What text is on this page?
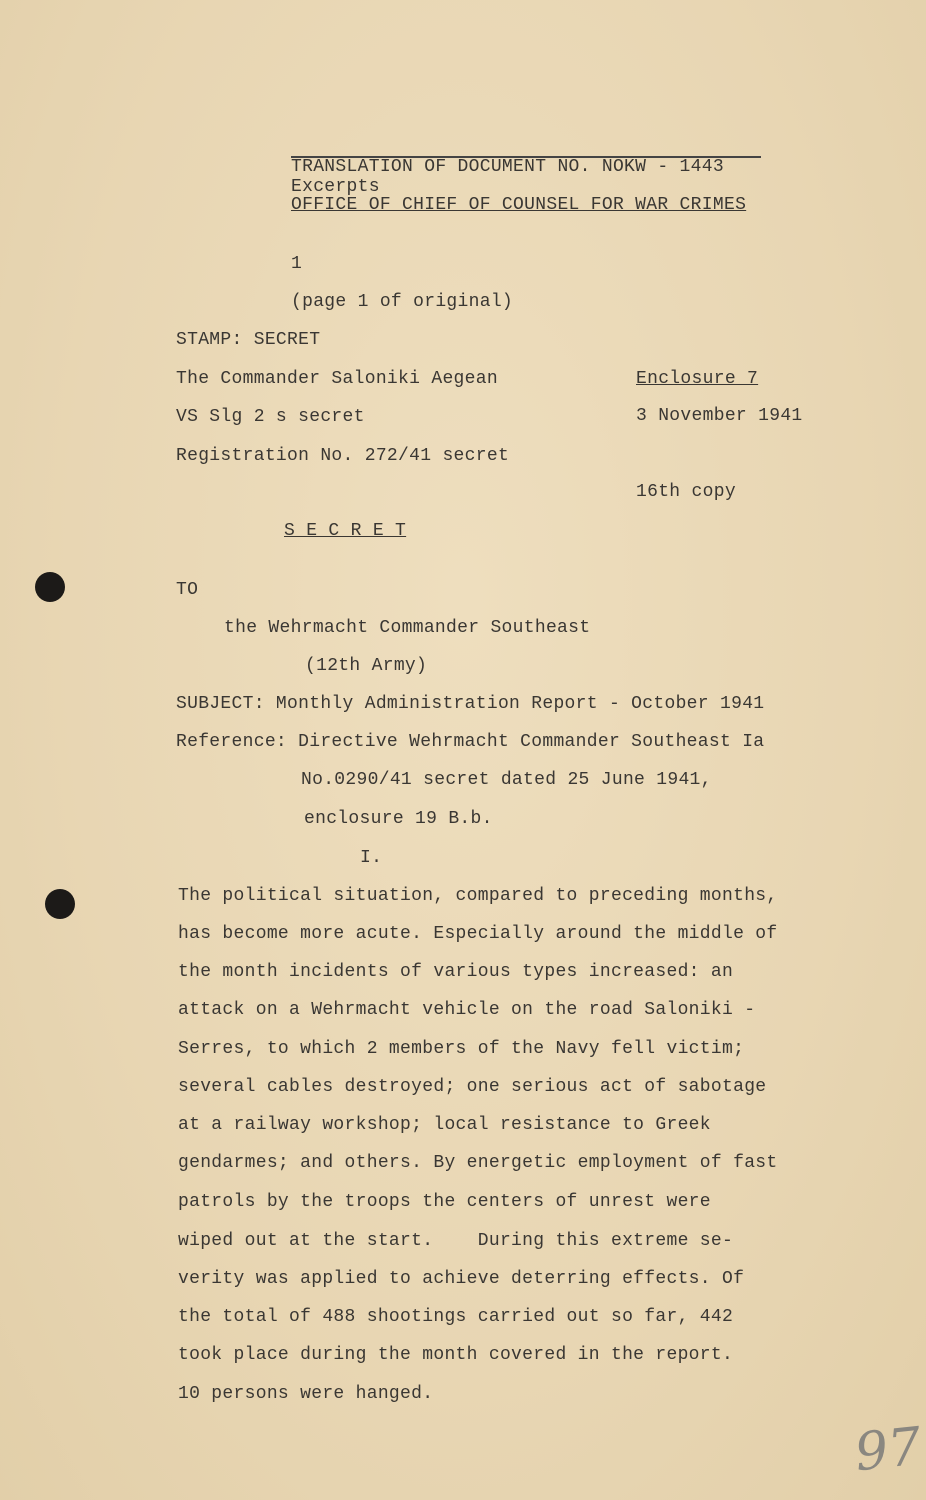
TRANSLATION OF DOCUMENT NO. NOKW - 1443
Excerpts
OFFICE OF CHIEF OF COUNSEL FOR WAR CRIMES
1
(page 1 of original)
STAMP: SECRET
The Commander Saloniki Aegean
VS Slg 2 s secret
Registration No. 272/41 secret
Enclosure 7
3 November 1941
16th copy
S E C R E T
TO
the Wehrmacht Commander Southeast
(12th Army)
SUBJECT: Monthly Administration Report - October 1941
Reference: Directive Wehrmacht Commander Southeast Ia
No.0290/41 secret dated 25 June 1941,
enclosure 19 B.b.
I.
The political situation, compared to preceding months,
has become more acute. Especially around the middle of
the month incidents of various types increased: an
attack on a Wehrmacht vehicle on the road Saloniki -
Serres, to which 2 members of the Navy fell victim;
several cables destroyed; one serious act of sabotage
at a railway workshop; local resistance to Greek
gendarmes; and others. By energetic employment of fast
patrols by the troops the centers of unrest were
wiped out at the start.    During this extreme se-
verity was applied to achieve deterring effects. Of
the total of 488 shootings carried out so far, 442
took place during the month covered in the report.
10 persons were hanged.
97
